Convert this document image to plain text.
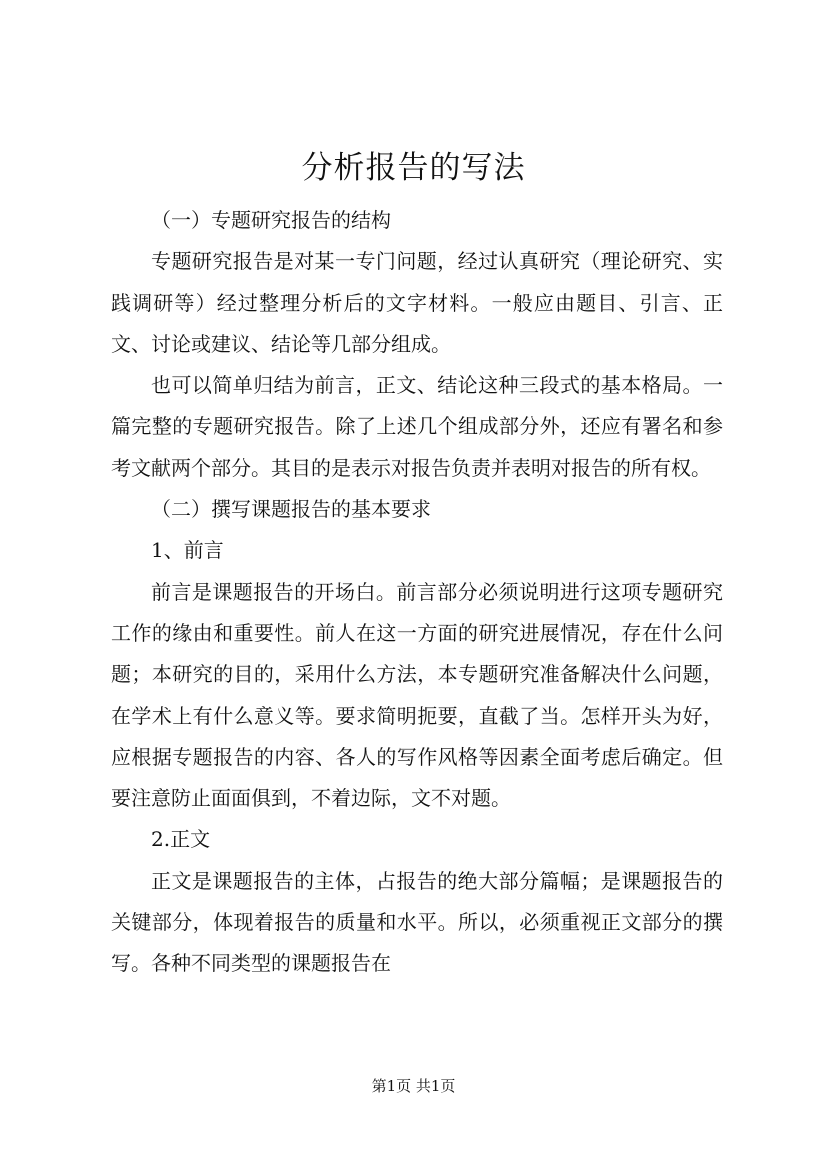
分析报告的写法

（一）专题研究报告的结构

专题研究报告是对某一专门问题，经过认真研究（理论研究、实践调研等）经过整理分析后的文字材料。一般应由题目、引言、正文、讨论或建议、结论等几部分组成。

也可以简单归结为前言，正文、结论这种三段式的基本格局。一篇完整的专题研究报告。除了上述几个组成部分外，还应有署名和参考文献两个部分。其目的是表示对报告负责并表明对报告的所有权。

（二）撰写课题报告的基本要求

1、前言

前言是课题报告的开场白。前言部分必须说明进行这项专题研究工作的缘由和重要性。前人在这一方面的研究进展情况，存在什么问题；本研究的目的，采用什么方法，本专题研究准备解决什么问题，在学术上有什么意义等。要求简明扼要，直截了当。怎样开头为好，应根据专题报告的内容、各人的写作风格等因素全面考虑后确定。但要注意防止面面俱到，不着边际，文不对题。

2.正文

正文是课题报告的主体，占报告的绝大部分篇幅；是课题报告的关键部分，体现着报告的质量和水平。所以，必须重视正文部分的撰写。各种不同类型的课题报告在

第1页 共1页
